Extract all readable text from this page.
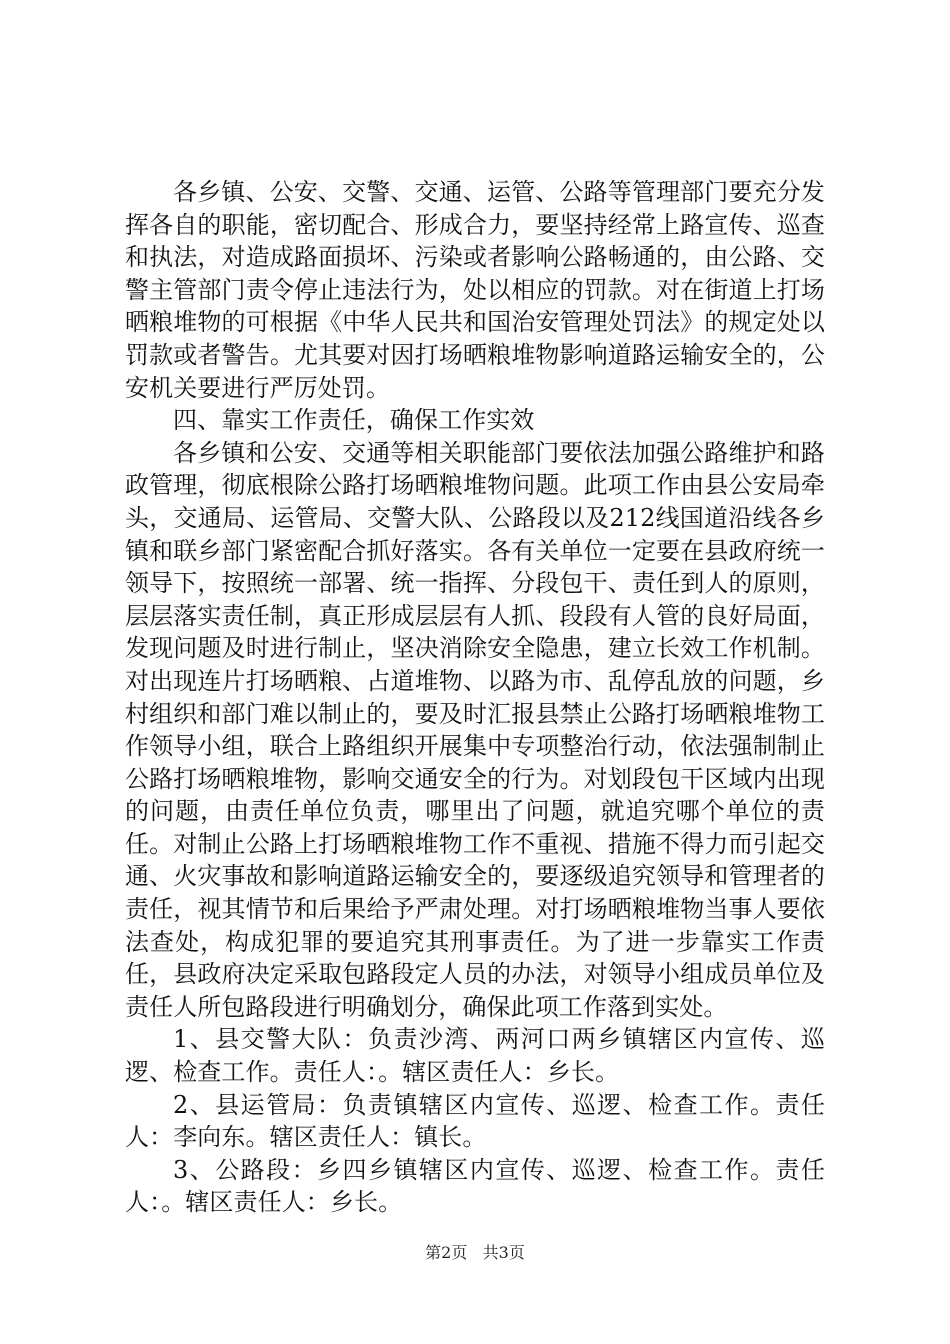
各乡镇、公安、交警、交通、运管、公路等管理部门要充分发挥各自的职能，密切配合、形成合力，要坚持经常上路宣传、巡查和执法，对造成路面损坏、污染或者影响公路畅通的，由公路、交警主管部门责令停止违法行为，处以相应的罚款。对在街道上打场晒粮堆物的可根据《中华人民共和国治安管理处罚法》的规定处以罚款或者警告。尤其要对因打场晒粮堆物影响道路运输安全的，公安机关要进行严厉处罚。

四、靠实工作责任，确保工作实效

各乡镇和公安、交通等相关职能部门要依法加强公路维护和路政管理，彻底根除公路打场晒粮堆物问题。此项工作由县公安局牵头，交通局、运管局、交警大队、公路段以及212线国道沿线各乡镇和联乡部门紧密配合抓好落实。各有关单位一定要在县政府统一领导下，按照统一部署、统一指挥、分段包干、责任到人的原则，层层落实责任制，真正形成层层有人抓、段段有人管的良好局面，发现问题及时进行制止，坚决消除安全隐患，建立长效工作机制。对出现连片打场晒粮、占道堆物、以路为市、乱停乱放的问题，乡村组织和部门难以制止的，要及时汇报县禁止公路打场晒粮堆物工作领导小组，联合上路组织开展集中专项整治行动，依法强制制止公路打场晒粮堆物，影响交通安全的行为。对划段包干区域内出现的问题，由责任单位负责，哪里出了问题，就追究哪个单位的责任。对制止公路上打场晒粮堆物工作不重视、措施不得力而引起交通、火灾事故和影响道路运输安全的，要逐级追究领导和管理者的责任，视其情节和后果给予严肃处理。对打场晒粮堆物当事人要依法查处，构成犯罪的要追究其刑事责任。为了进一步靠实工作责任，县政府决定采取包路段定人员的办法，对领导小组成员单位及责任人所包路段进行明确划分，确保此项工作落到实处。

1、县交警大队：负责沙湾、两河口两乡镇辖区内宣传、巡逻、检查工作。责任人：。辖区责任人：乡长。

2、县运管局：负责镇辖区内宣传、巡逻、检查工作。责任人：李向东。辖区责任人：镇长。

3、公路段：乡四乡镇辖区内宣传、巡逻、检查工作。责任人：。辖区责任人：乡长。

第2页 共3页
